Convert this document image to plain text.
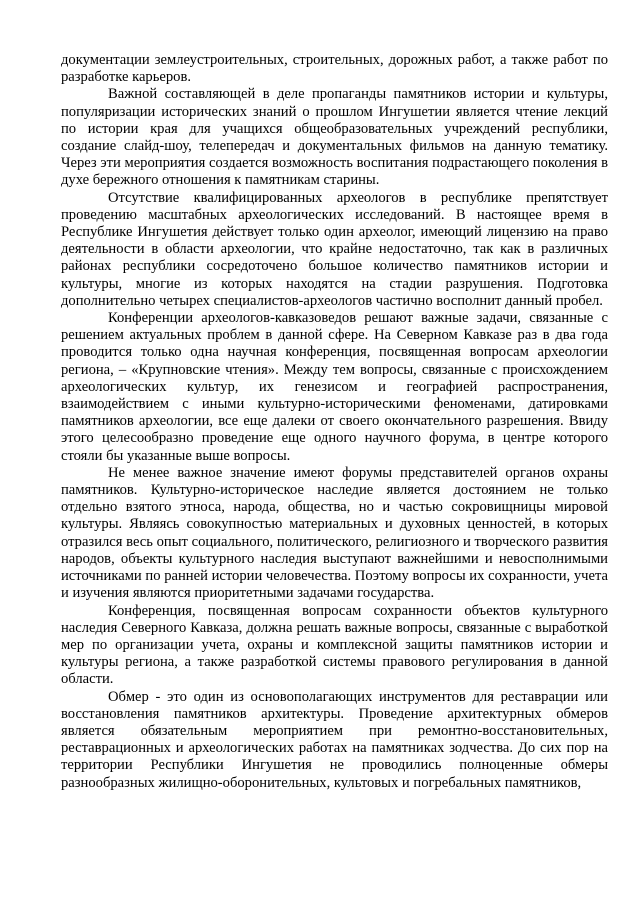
документации землеустроительных, строительных, дорожных работ, а также работ по разработке карьеров.

Важной составляющей в деле пропаганды памятников истории и культуры, популяризации исторических знаний о прошлом Ингушетии является чтение лекций по истории края для учащихся общеобразовательных учреждений республики, создание слайд-шоу, телепередач и документальных фильмов на данную тематику. Через эти мероприятия создается возможность воспитания подрастающего поколения в духе бережного отношения к памятникам старины.

Отсутствие квалифицированных археологов в республике препятствует проведению масштабных археологических исследований. В настоящее время в Республике Ингушетия действует только один археолог, имеющий лицензию на право деятельности в области археологии, что крайне недостаточно, так как в различных районах республики сосредоточено большое количество памятников истории и культуры, многие из которых находятся на стадии разрушения. Подготовка дополнительно четырех специалистов-археологов частично восполнит данный пробел.

Конференции археологов-кавказоведов решают важные задачи, связанные с решением актуальных проблем в данной сфере. На Северном Кавказе раз в два года проводится только одна научная конференция, посвященная вопросам археологии региона, – «Крупновские чтения». Между тем вопросы, связанные с происхождением археологических культур, их генезисом и географией распространения, взаимодействием с иными культурно-историческими феноменами, датировками памятников археологии, все еще далеки от своего окончательного разрешения. Ввиду этого целесообразно проведение еще одного научного форума, в центре которого стояли бы указанные выше вопросы.

Не менее важное значение имеют форумы представителей органов охраны памятников. Культурно-историческое наследие является достоянием не только отдельно взятого этноса, народа, общества, но и частью сокровищницы мировой культуры. Являясь совокупностью материальных и духовных ценностей, в которых отразился весь опыт социального, политического, религиозного и творческого развития народов, объекты культурного наследия выступают важнейшими и невосполнимыми источниками по ранней истории человечества. Поэтому вопросы их сохранности, учета и изучения являются приоритетными задачами государства.

Конференция, посвященная вопросам сохранности объектов культурного наследия Северного Кавказа, должна решать важные вопросы, связанные с выработкой мер по организации учета, охраны и комплексной защиты памятников истории и культуры региона, а также разработкой системы правового регулирования в данной области.

Обмер - это один из основополагающих инструментов для реставрации или восстановления памятников архитектуры. Проведение архитектурных обмеров является обязательным мероприятием при ремонтно-восстановительных, реставрационных и археологических работах на памятниках зодчества. До сих пор на территории Республики Ингушетия не проводились полноценные обмеры разнообразных жилищно-оборонительных, культовых и погребальных памятников,
